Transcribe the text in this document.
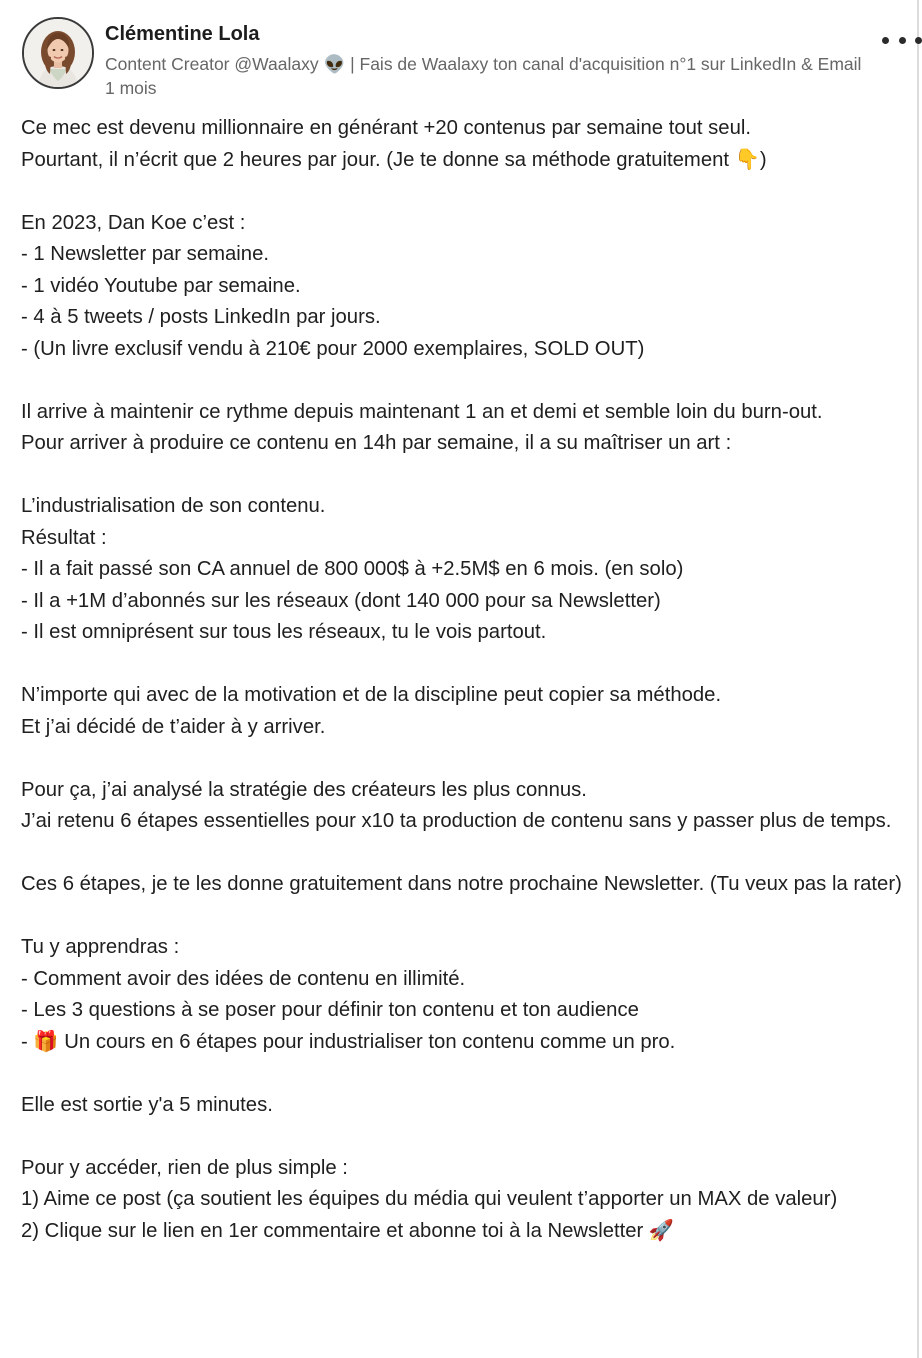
Clémentine Lola
Content Creator @Waalaxy 👽 | Fais de Waalaxy ton canal d'acquisition n°1 sur LinkedIn & Email
1 mois
Ce mec est devenu millionnaire en générant +20 contenus par semaine tout seul.
Pourtant, il n’écrit que 2 heures par jour. (Je te donne sa méthode gratuitement 👇)
En 2023, Dan Koe c’est :
- 1 Newsletter par semaine.
- 1 vidéo Youtube par semaine.
- 4 à 5 tweets / posts LinkedIn par jours.
- (Un livre exclusif vendu à 210€ pour 2000 exemplaires, SOLD OUT)
Il arrive à maintenir ce rythme depuis maintenant 1 an et demi et semble loin du burn-out.
Pour arriver à produire ce contenu en 14h par semaine, il a su maîtriser un art :
L’industrialisation de son contenu.
Résultat :
- Il a fait passé son CA annuel de 800 000$ à +2.5M$ en 6 mois. (en solo)
- Il a +1M d’abonnés sur les réseaux (dont 140 000 pour sa Newsletter)
- Il est omniprésent sur tous les réseaux, tu le vois partout.
N’importe qui avec de la motivation et de la discipline peut copier sa méthode.
Et j’ai décidé de t’aider à y arriver.
Pour ça, j’ai analysé la stratégie des créateurs les plus connus.
J’ai retenu 6 étapes essentielles pour x10 ta production de contenu sans y passer plus de temps.
Ces 6 étapes, je te les donne gratuitement dans notre prochaine Newsletter. (Tu veux pas la rater)
Tu y apprendras :
- Comment avoir des idées de contenu en illimité.
- Les 3 questions à se poser pour définir ton contenu et ton audience
- 🎁 Un cours en 6 étapes pour industrialiser ton contenu comme un pro.
Elle est sortie y'a 5 minutes.
Pour y accéder, rien de plus simple :
1) Aime ce post (ça soutient les équipes du média qui veulent t’apporter un MAX de valeur)
2) Clique sur le lien en 1er commentaire et abonne toi à la Newsletter 🚀
